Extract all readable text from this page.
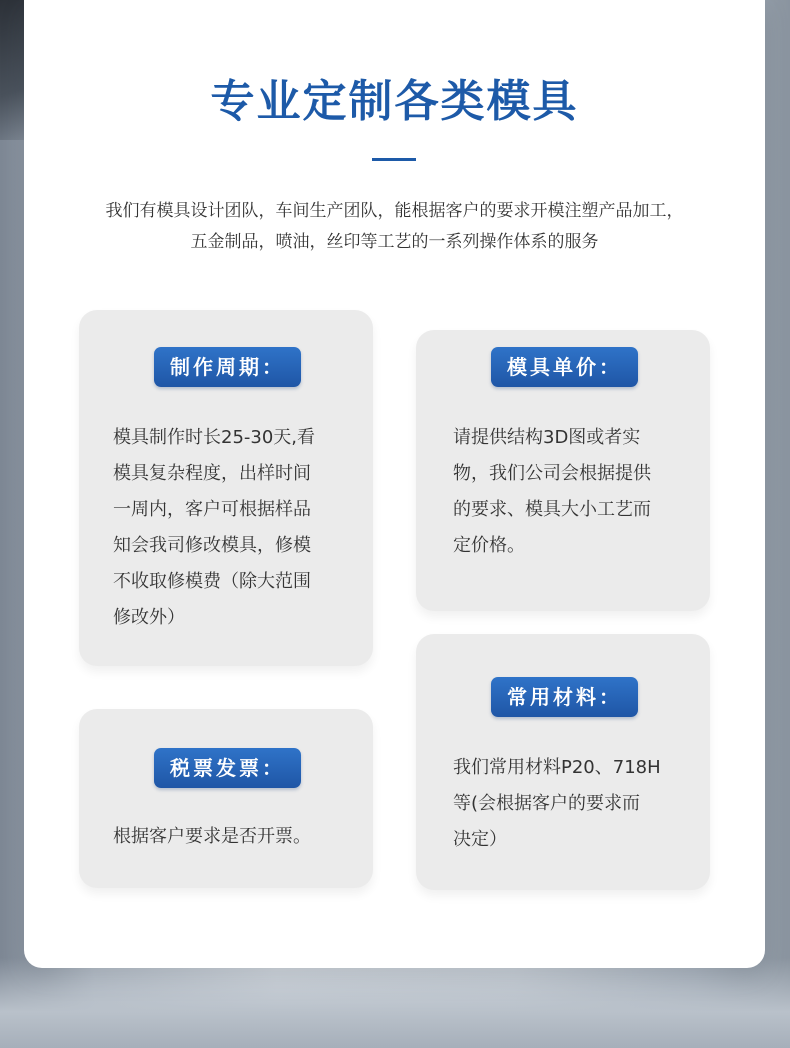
专业定制各类模具
我们有模具设计团队，车间生产团队，能根据客户的要求开模注塑产品加工，
五金制品，喷油，丝印等工艺的一系列操作体系的服务
制作周期：
模具制作时长25-30天,看
模具复杂程度，出样时间
一周内，客户可根据样品
知会我司修改模具，修模
不收取修模费（除大范围
修改外）
模具单价：
请提供结构3D图或者实
物，我们公司会根据提供
的要求、模具大小工艺而
定价格。
税票发票：
根据客户要求是否开票。
常用材料：
我们常用材料P20、718H
等(会根据客户的要求而
决定）
